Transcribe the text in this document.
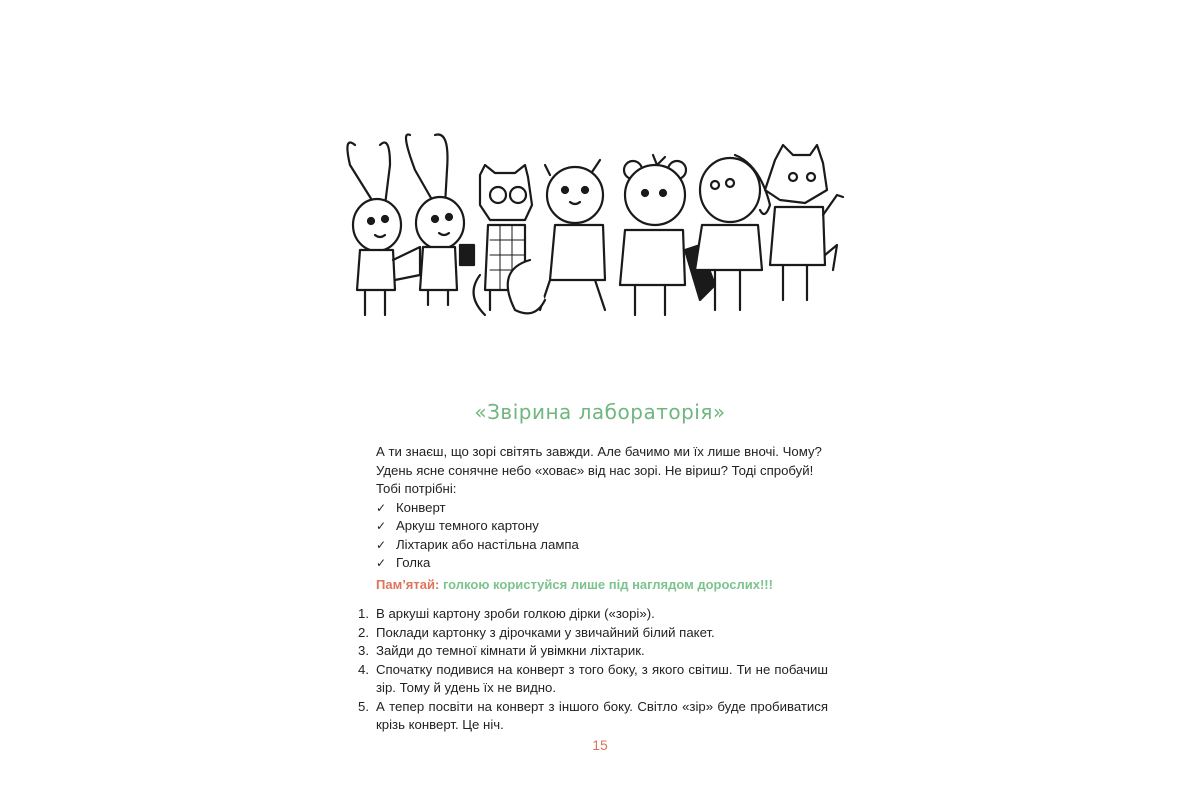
«Звірина лабораторія»

А ти знаєш, що зорі світять завжди. Але бачимо ми їх лише вночі. Чому?

Удень ясне сонячне небо «ховає» від нас зорі. Не віриш? Тоді спробуй!

Тобі потрібні:

✓ Конверт
✓ Аркуш темного картону
✓ Ліхтарик або настільна лампа
✓ Голка
Пам’ятай: голкою користуйся лише під наглядом дорослих!!!
1. В аркуші картону зроби голкою дірки («зорі»).
2. Поклади картонку з дірочками у звичайний білий пакет.
3. Зайди до темної кімнати й увімкни ліхтарик.
4. Спочатку подивися на конверт з того боку, з якого світиш. Ти не побачиш зір. Тому й удень їх не видно.
5. А тепер посвіти на конверт з іншого боку. Світло «зір» буде пробиватися крізь конверт. Це ніч.
15
